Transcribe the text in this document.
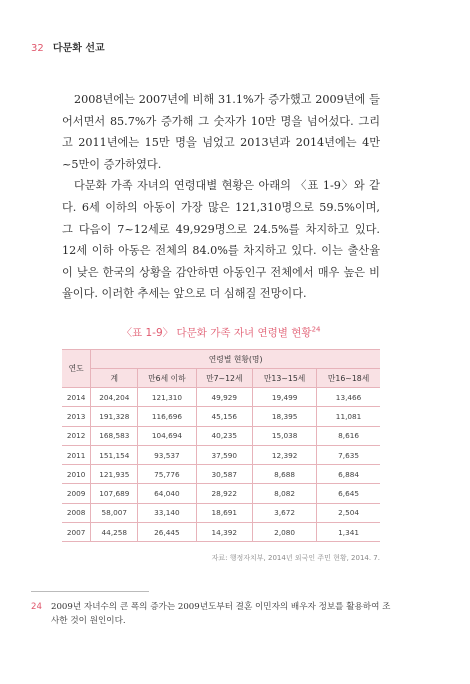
32 다문화 선교

2008년에는 2007년에 비해 31.1%가 증가했고 2009년에 들어서면서 85.7%가 증가해 그 숫자가 10만 명을 넘어섰다. 그리고 2011년에는 15만 명을 넘었고 2013년과 2014년에는 4만~5만이 증가하였다.

다문화 가족 자녀의 연령대별 현황은 아래의 〈표 1-9〉와 같다. 6세 이하의 아동이 가장 많은 121,310명으로 59.5%이며, 그 다음이 7~12세로 49,929명으로 24.5%를 차지하고 있다. 12세 이하 아동은 전체의 84.0%를 차지하고 있다. 이는 출산율이 낮은 한국의 상황을 감안하면 아동인구 전체에서 매우 높은 비율이다. 이러한 추세는 앞으로 더 심해질 전망이다.

〈표 1-9〉 다문화 가족 자녀 연령별 현황$^{24}$
연도	연령별 현황(명)				
	계	만6세 이하	만7~12세	만13~15세	만16~18세
2014	204,204	121,310	49,929	19,499	13,466
2013	191,328	116,696	45,156	18,395	11,081
2012	168,583	104,694	40,235	15,038	8,616
2011	151,154	93,537	37,590	12,392	7,635
2010	121,935	75,776	30,587	8,688	6,884
2009	107,689	64,040	28,922	8,082	6,645
2008	58,007	33,140	18,691	3,672	2,504
2007	44,258	26,445	14,392	2,080	1,341
자료: 행정자치부, 2014년 외국인 주민 현황, 2014. 7.
24 2009년 자녀수의 큰 폭의 증가는 2009년도부터 결혼 이민자의 배우자 정보를 활용하여 조사한 것이 원인이다.
